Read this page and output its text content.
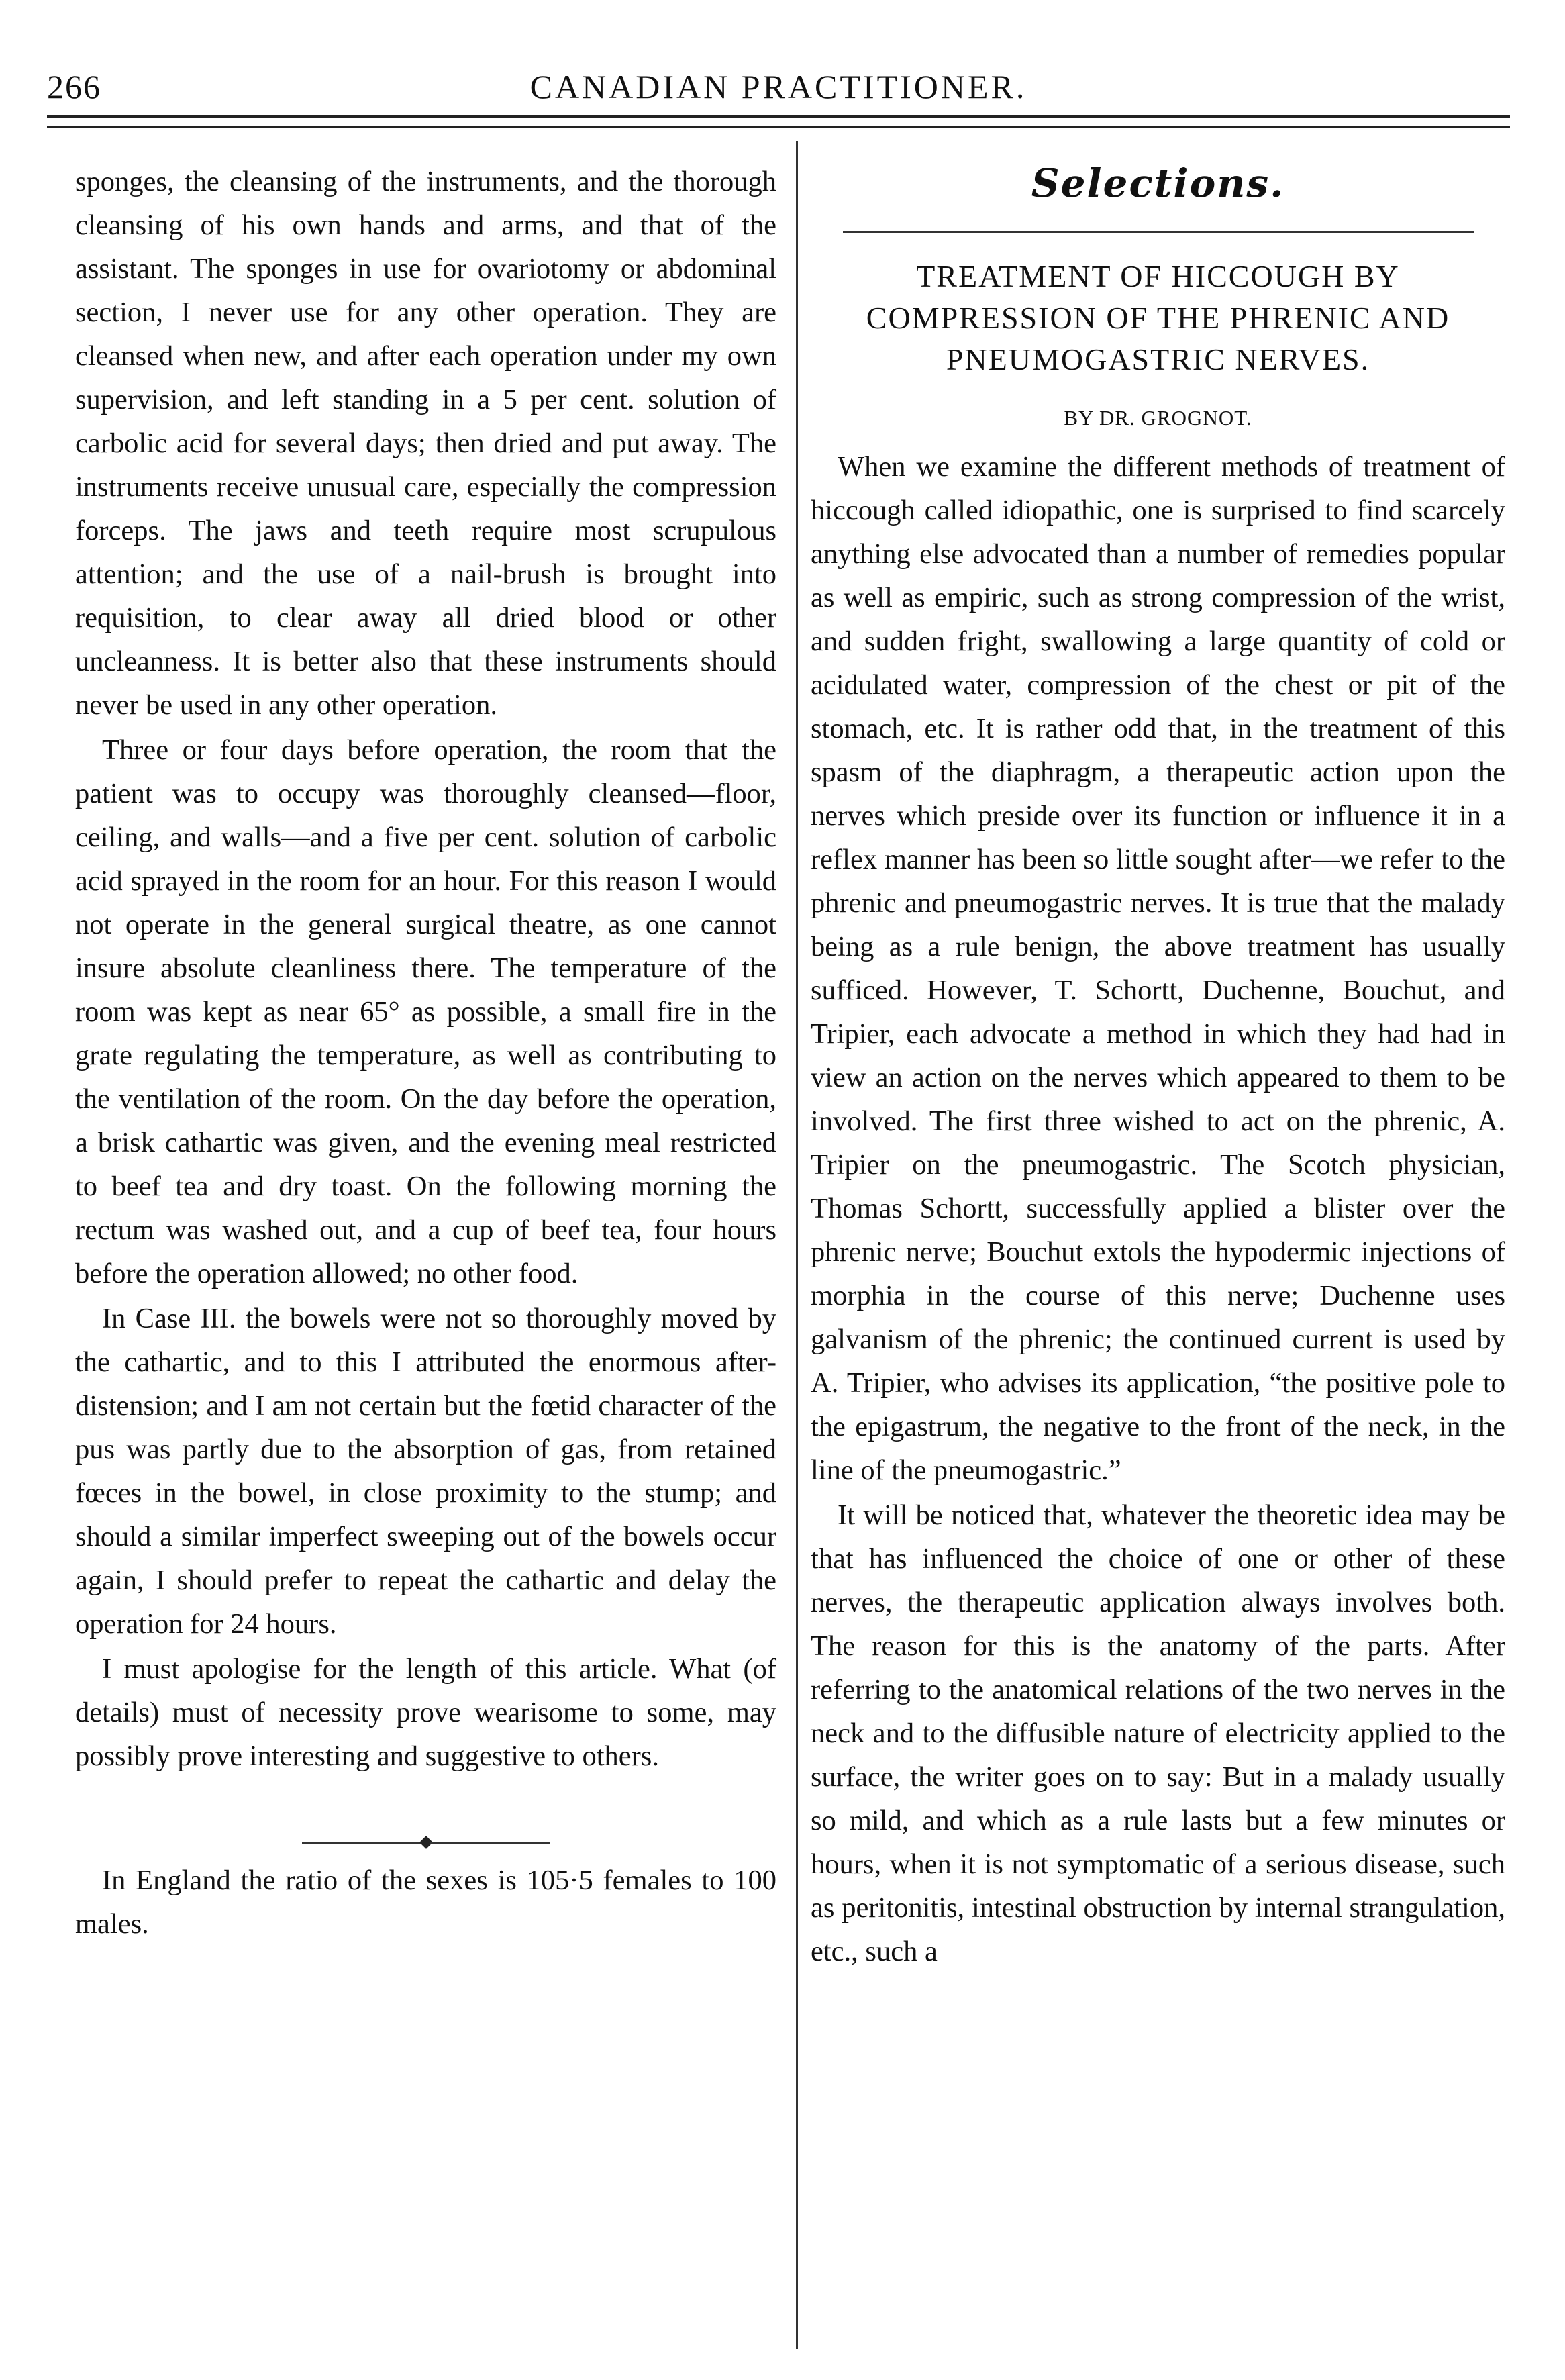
266	CANADIAN PRACTITIONER.

sponges, the cleansing of the instruments, and the thorough cleansing of his own hands and arms, and that of the assistant. The sponges in use for ovariotomy or abdominal section, I never use for any other operation. They are cleansed when new, and after each operation under my own supervision, and left standing in a 5 per cent. solution of carbolic acid for several days; then dried and put away. The instruments receive unusual care, especially the compression forceps. The jaws and teeth require most scrupulous attention; and the use of a nail-brush is brought into requisition, to clear away all dried blood or other uncleanness. It is better also that these instruments should never be used in any other operation.

Three or four days before operation, the room that the patient was to occupy was thoroughly cleansed—floor, ceiling, and walls—and a five per cent. solution of carbolic acid sprayed in the room for an hour. For this reason I would not operate in the general surgical theatre, as one cannot insure absolute cleanliness there. The temperature of the room was kept as near 65° as possible, a small fire in the grate regulating the temperature, as well as contributing to the ventilation of the room. On the day before the operation, a brisk cathartic was given, and the evening meal restricted to beef tea and dry toast. On the following morning the rectum was washed out, and a cup of beef tea, four hours before the operation allowed; no other food.

In Case III. the bowels were not so thoroughly moved by the cathartic, and to this I attributed the enormous after-distension; and I am not certain but the fœtid character of the pus was partly due to the absorption of gas, from retained fœces in the bowel, in close proximity to the stump; and should a similar imperfect sweeping out of the bowels occur again, I should prefer to repeat the cathartic and delay the operation for 24 hours.

I must apologise for the length of this article. What (of details) must of necessity prove wearisome to some, may possibly prove interesting and suggestive to others.

In England the ratio of the sexes is 105·5 females to 100 males.

Selections.
TREATMENT OF HICCOUGH BY COMPRESSION OF THE PHRENIC AND PNEUMOGASTRIC NERVES.
BY DR. GROGNOT.

When we examine the different methods of treatment of hiccough called idiopathic, one is surprised to find scarcely anything else advocated than a number of remedies popular as well as empiric, such as strong compression of the wrist, and sudden fright, swallowing a large quantity of cold or acidulated water, compression of the chest or pit of the stomach, etc. It is rather odd that, in the treatment of this spasm of the diaphragm, a therapeutic action upon the nerves which preside over its function or influence it in a reflex manner has been so little sought after—we refer to the phrenic and pneumogastric nerves. It is true that the malady being as a rule benign, the above treatment has usually sufficed. However, T. Schortt, Duchenne, Bouchut, and Tripier, each advocate a method in which they had had in view an action on the nerves which appeared to them to be involved. The first three wished to act on the phrenic, A. Tripier on the pneumogastric. The Scotch physician, Thomas Schortt, successfully applied a blister over the phrenic nerve; Bouchut extols the hypodermic injections of morphia in the course of this nerve; Duchenne uses galvanism of the phrenic; the continued current is used by A. Tripier, who advises its application, “the positive pole to the epigastrum, the negative to the front of the neck, in the line of the pneumogastric.”

It will be noticed that, whatever the theoretic idea may be that has influenced the choice of one or other of these nerves, the therapeutic application always involves both. The reason for this is the anatomy of the parts. After referring to the anatomical relations of the two nerves in the neck and to the diffusible nature of electricity applied to the surface, the writer goes on to say: But in a malady usually so mild, and which as a rule lasts but a few minutes or hours, when it is not symptomatic of a serious disease, such as peritonitis, intestinal obstruction by internal strangulation, etc., such a
